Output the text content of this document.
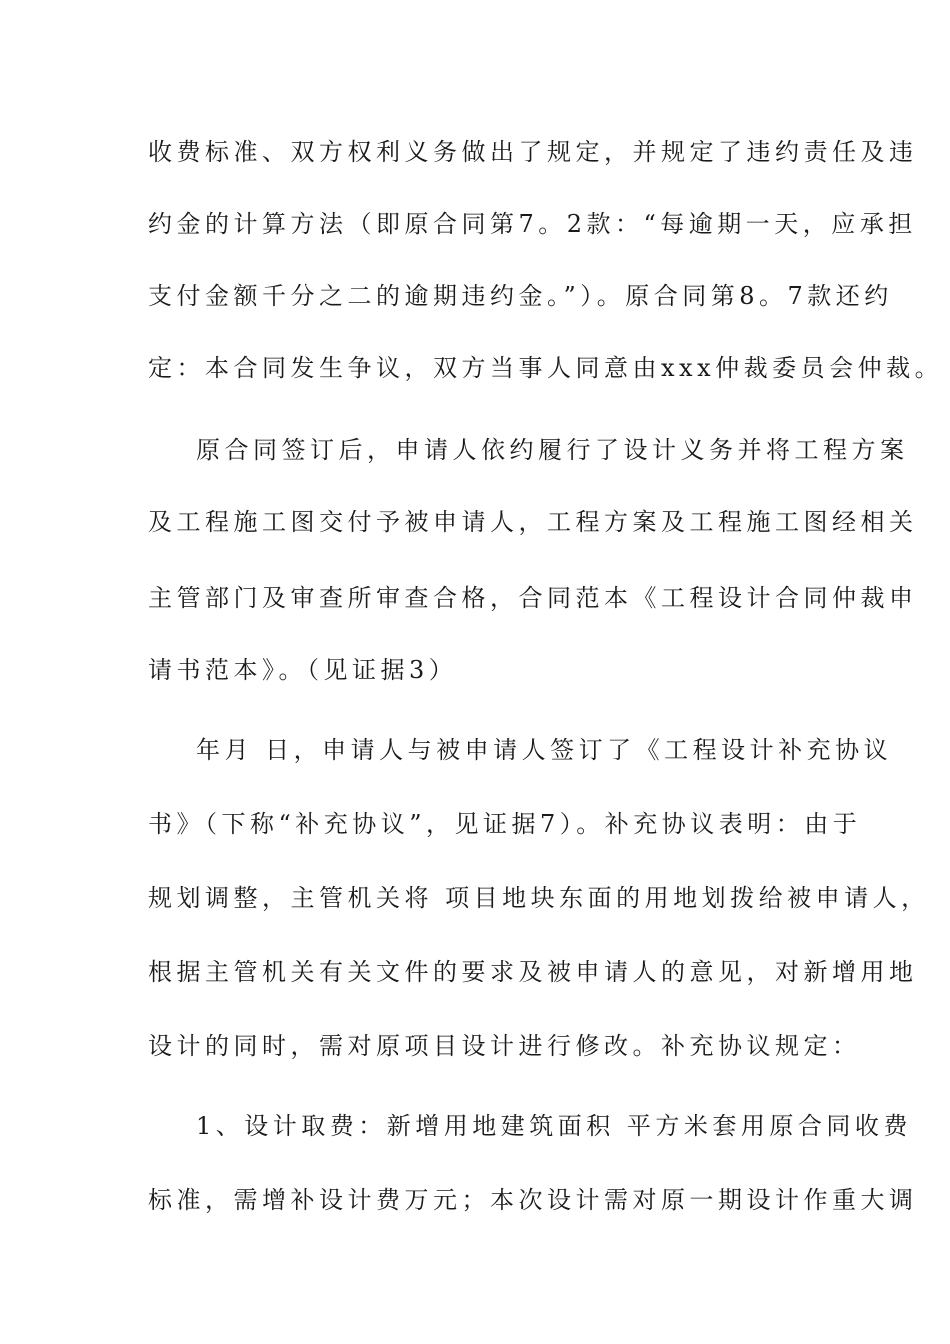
收费标准、双方权利义务做出了规定，并规定了违约责任及违
约金的计算方法（即原合同第7。2款：“每逾期一天，应承担
支付金额千分之二的逾期违约金。”）。原合同第8。7款还约
定：本合同发生争议，双方当事人同意由xxx仲裁委员会仲裁。
原合同签订后，申请人依约履行了设计义务并将工程方案
及工程施工图交付予被申请人，工程方案及工程施工图经相关
主管部门及审查所审查合格，合同范本《工程设计合同仲裁申
请书范本》。（见证据3）
年月 日，申请人与被申请人签订了《工程设计补充协议
书》（下称“补充协议”，见证据7）。补充协议表明：由于
规划调整，主管机关将 项目地块东面的用地划拨给被申请人，
根据主管机关有关文件的要求及被申请人的意见，对新增用地
设计的同时，需对原项目设计进行修改。补充协议规定：
1、设计取费：新增用地建筑面积 平方米套用原合同收费
标准，需增补设计费万元；本次设计需对原一期设计作重大调
